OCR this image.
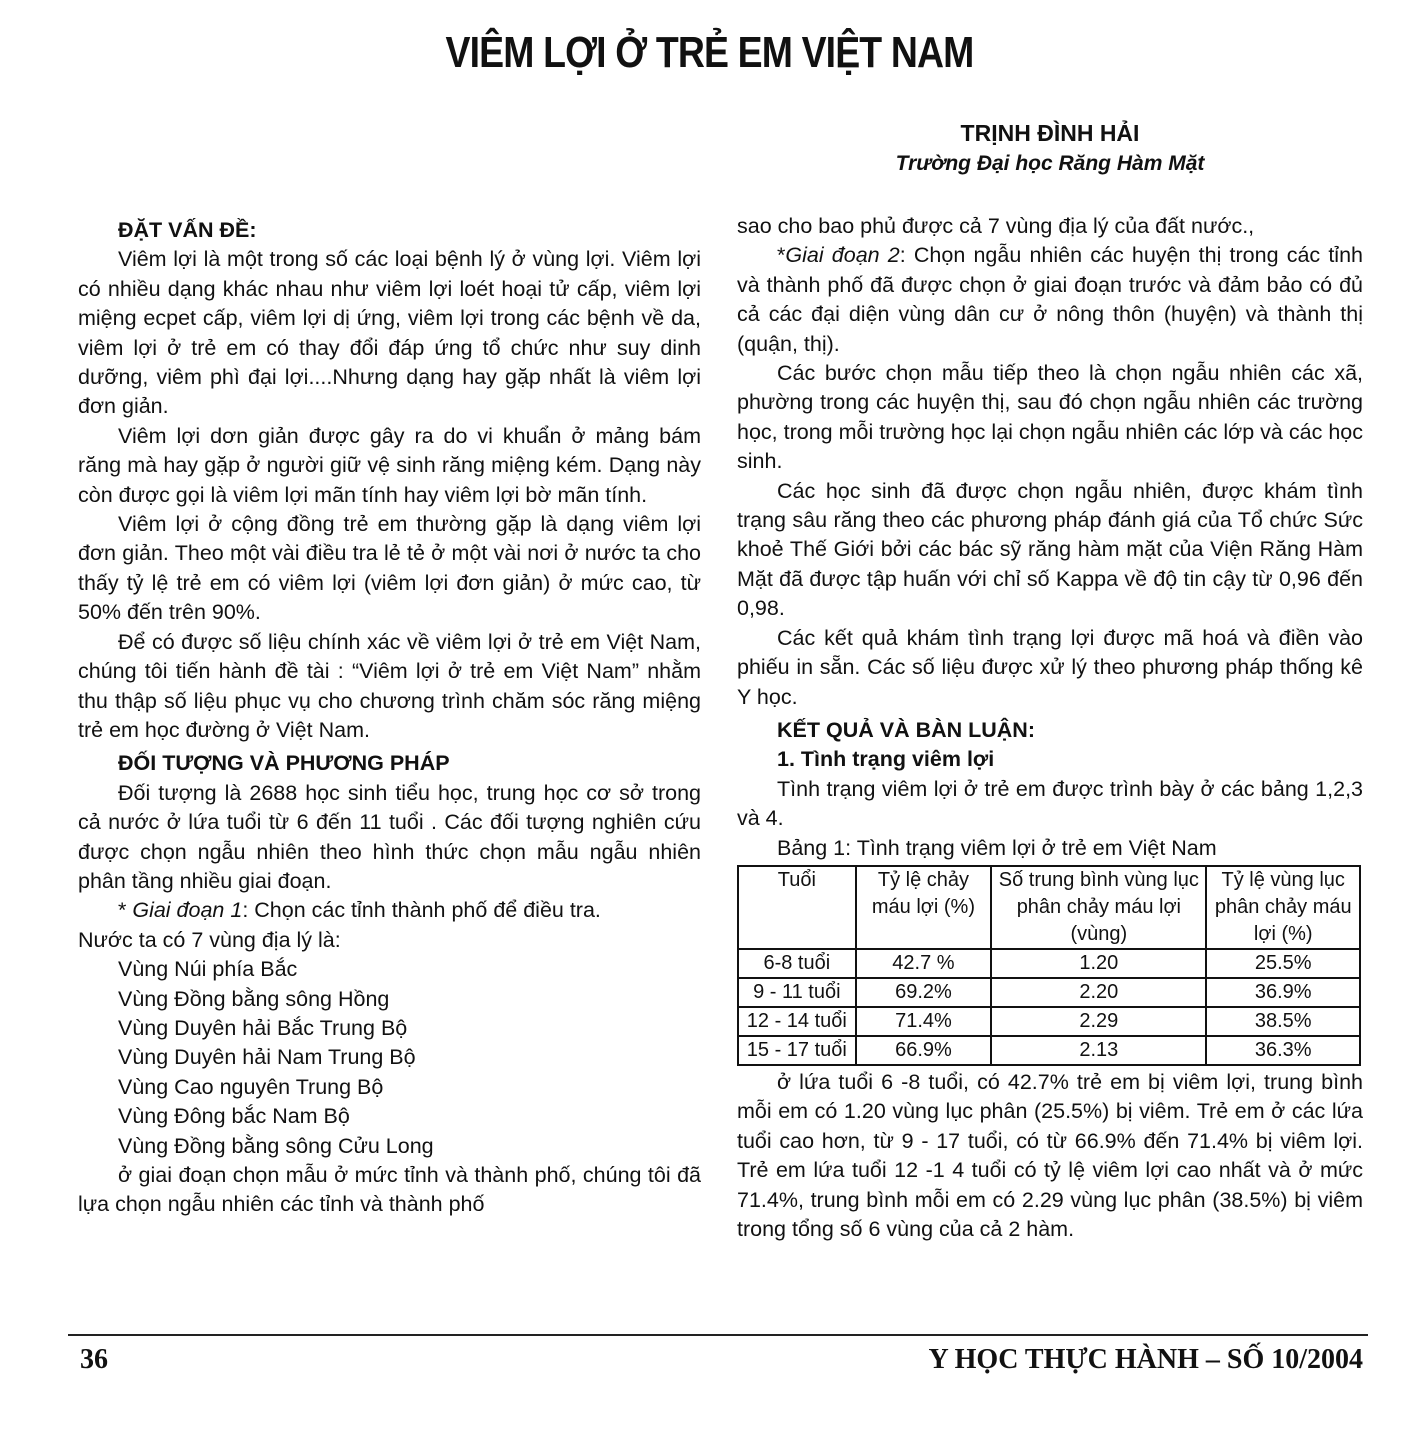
VIÊM LỢI Ở TRẺ EM VIỆT NAM

TRỊNH ĐÌNH HẢI

Trường Đại học Răng Hàm Mặt

ĐẶT VẤN ĐỀ:

Viêm lợi là một trong số các loại bệnh lý ở vùng lợi. Viêm lợi có nhiều dạng khác nhau như viêm lợi loét hoại tử cấp, viêm lợi miệng ecpet cấp, viêm lợi dị ứng, viêm lợi trong các bệnh về da, viêm lợi ở trẻ em có thay đổi đáp ứng tổ chức như suy dinh dưỡng, viêm phì đại lợi....Nhưng dạng hay gặp nhất là viêm lợi đơn giản.

Viêm lợi dơn giản được gây ra do vi khuẩn ở mảng bám răng mà hay gặp ở người giữ vệ sinh răng miệng kém. Dạng này còn được gọi là viêm lợi mãn tính hay viêm lợi bờ mãn tính.

Viêm lợi ở cộng đồng trẻ em thường gặp là dạng viêm lợi đơn giản. Theo một vài điều tra lẻ tẻ ở một vài nơi ở nước ta cho thấy tỷ lệ trẻ em có viêm lợi (viêm lợi đơn giản) ở mức cao, từ 50% đến trên 90%.

Để có được số liệu chính xác về viêm lợi ở trẻ em Việt Nam, chúng tôi tiến hành đề tài : “Viêm lợi ở trẻ em Việt Nam” nhằm thu thập số liệu phục vụ cho chương trình chăm sóc răng miệng trẻ em học đường ở Việt Nam.

ĐỐI TƯỢNG VÀ PHƯƠNG PHÁP

Đối tượng là 2688 học sinh tiểu học, trung học cơ sở trong cả nước ở lứa tuổi từ 6 đến 11 tuổi . Các đối tượng nghiên cứu được chọn ngẫu nhiên theo hình thức chọn mẫu ngẫu nhiên phân tầng nhiều giai đoạn.

* Giai đoạn 1: Chọn các tỉnh thành phố để điều tra.

Nước ta có 7 vùng địa lý là:

Vùng Núi phía Bắc

Vùng Đồng bằng sông Hồng

Vùng Duyên hải Bắc Trung Bộ

Vùng Duyên hải Nam Trung Bộ

Vùng Cao nguyên Trung Bộ

Vùng Đông bắc Nam Bộ

Vùng Đồng bằng sông Cửu Long

ở giai đoạn chọn mẫu ở mức tỉnh và thành phố, chúng tôi đã lựa chọn ngẫu nhiên các tỉnh và thành phố

sao cho bao phủ được cả 7 vùng địa lý của đất nước.,

*Giai đoạn 2: Chọn ngẫu nhiên các huyện thị trong các tỉnh và thành phố đã được chọn ở giai đoạn trước và đảm bảo có đủ cả các đại diện vùng dân cư ở nông thôn (huyện) và thành thị (quận, thị).

Các bước chọn mẫu tiếp theo là chọn ngẫu nhiên các xã, phường trong các huyện thị, sau đó chọn ngẫu nhiên các trường học, trong mỗi trường học lại chọn ngẫu nhiên các lớp và các học sinh.

Các học sinh đã được chọn ngẫu nhiên, được khám tình trạng sâu răng theo các phương pháp đánh giá của Tổ chức Sức khoẻ Thế Giới bởi các bác sỹ răng hàm mặt của Viện Răng Hàm Mặt đã được tập huấn với chỉ số Kappa về độ tin cậy từ 0,96 đến 0,98.

Các kết quả khám tình trạng lợi được mã hoá và điền vào phiếu in sẵn. Các số liệu được xử lý theo phương pháp thống kê Y học.

KẾT QUẢ VÀ BÀN LUẬN:

1. Tình trạng viêm lợi

Tình trạng viêm lợi ở trẻ em được trình bày ở các bảng 1,2,3 và 4.

Bảng 1: Tình trạng viêm lợi ở trẻ em Việt Nam

Tuổi	Tỷ lệ chảy máu lợi (%)	Số trung bình vùng lục phân chảy máu lợi (vùng)	Tỷ lệ vùng lục phân chảy máu lợi (%)
6-8 tuổi	42.7 %	1.20	25.5%
9 - 11 tuổi	69.2%	2.20	36.9%
12 - 14 tuổi	71.4%	2.29	38.5%
15 - 17 tuổi	66.9%	2.13	36.3%

ở lứa tuổi 6 -8 tuổi, có 42.7% trẻ em bị viêm lợi, trung bình mỗi em có 1.20 vùng lục phân (25.5%) bị viêm. Trẻ em ở các lứa tuổi cao hơn, từ 9 - 17 tuổi, có từ 66.9% đến 71.4% bị viêm lợi. Trẻ em lứa tuổi 12 -1 4 tuổi có tỷ lệ viêm lợi cao nhất và ở mức 71.4%, trung bình mỗi em có 2.29 vùng lục phân (38.5%) bị viêm trong tổng số 6 vùng của cả 2 hàm.

36	Y HỌC THỰC HÀNH – SỐ 10/2004
